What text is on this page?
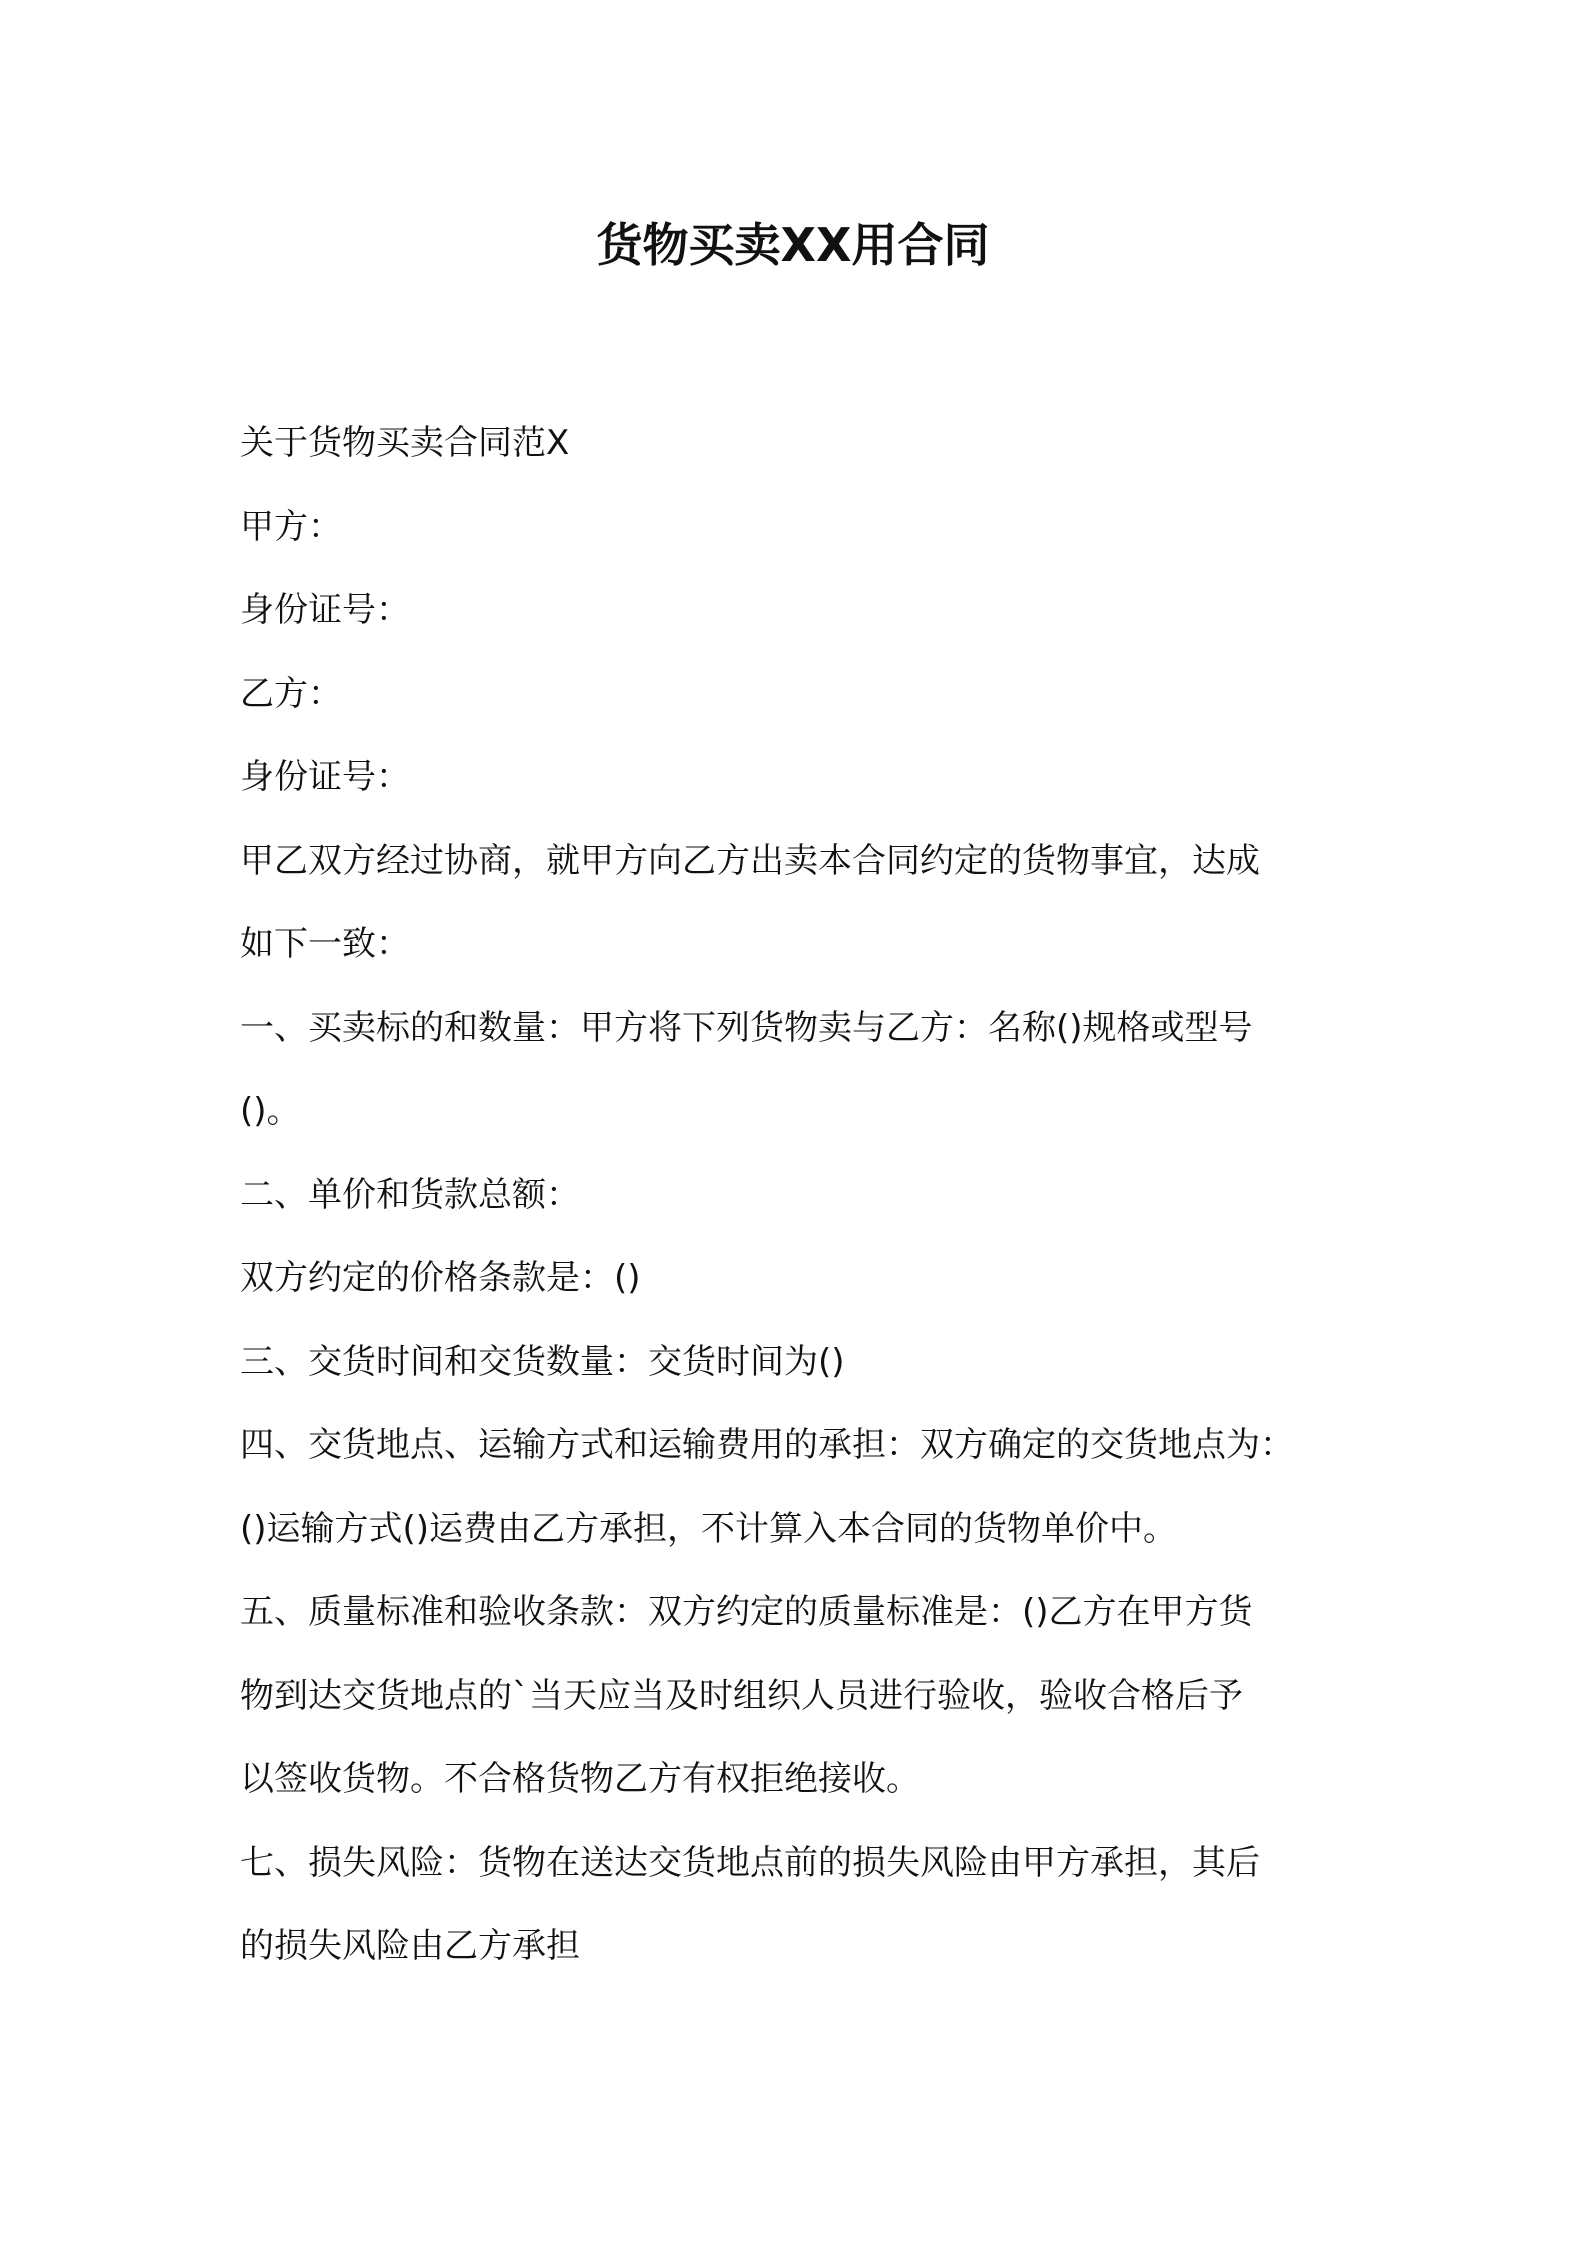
货物买卖XX用合同
关于货物买卖合同范X
甲方：
身份证号：
乙方：
身份证号：
甲乙双方经过协商，就甲方向乙方出卖本合同约定的货物事宜，达成
如下一致：
一、买卖标的和数量：甲方将下列货物卖与乙方：名称()规格或型号
()。
二、单价和货款总额：
双方约定的价格条款是：()
三、交货时间和交货数量：交货时间为()
四、交货地点、运输方式和运输费用的承担：双方确定的交货地点为：
()运输方式()运费由乙方承担，不计算入本合同的货物单价中。
五、质量标准和验收条款：双方约定的质量标准是：()乙方在甲方货
物到达交货地点的`当天应当及时组织人员进行验收，验收合格后予
以签收货物。不合格货物乙方有权拒绝接收。
七、损失风险：货物在送达交货地点前的损失风险由甲方承担，其后
的损失风险由乙方承担
